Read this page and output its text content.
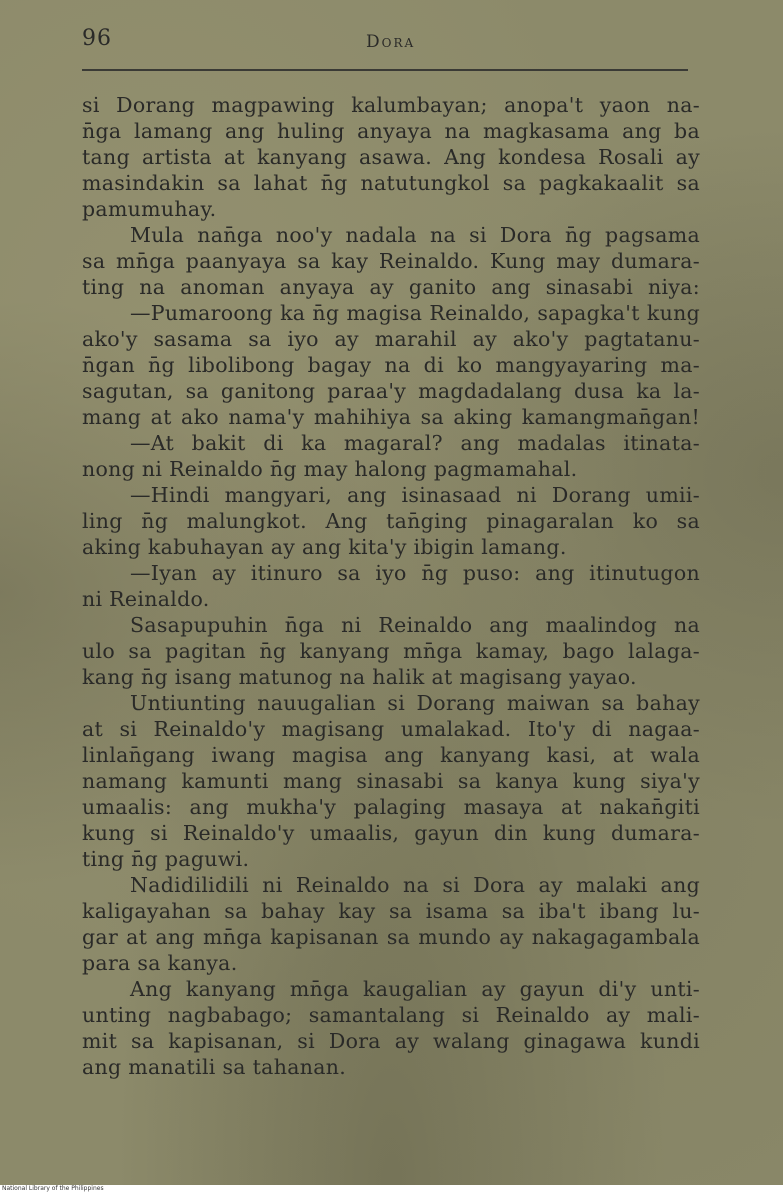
96	Dora
si Dorang magpawing kalumbayan; anopa't yaon na-
n̄ga lamang ang huling anyaya na magkasama ang ba
tang artista at kanyang asawa. Ang kondesa Rosali ay
masindakin sa lahat n̄g natutungkol sa pagkakaalit sa
pamumuhay.
Mula nan̄ga noo'y nadala na si Dora n̄g pagsama
sa mn̄ga paanyaya sa kay Reinaldo. Kung may dumara-
ting na anoman anyaya ay ganito ang sinasabi niya:
—Pumaroong ka n̄g magisa Reinaldo, sapagka't kung
ako'y sasama sa iyo ay marahil ay ako'y pagtatanu-
n̄gan n̄g libolibong bagay na di ko mangyayaring ma-
sagutan, sa ganitong paraa'y magdadalang dusa ka la-
mang at ako nama'y mahihiya sa aking kamangman̄gan!
—At bakit di ka magaral? ang madalas itinata-
nong ni Reinaldo n̄g may halong pagmamahal.
—Hindi mangyari, ang isinasaad ni Dorang umii-
ling n̄g malungkot. Ang tan̄ging pinagaralan ko sa
aking kabuhayan ay ang kita'y ibigin lamang.
—Iyan ay itinuro sa iyo n̄g puso: ang itinutugon
ni Reinaldo.
Sasapupuhin n̄ga ni Reinaldo ang maalindog na
ulo sa pagitan n̄g kanyang mn̄ga kamay, bago lalaga-
kang n̄g isang matunog na halik at magisang yayao.
Untiunting nauugalian si Dorang maiwan sa bahay
at si Reinaldo'y magisang umalakad. Ito'y di nagaa-
linlan̄gang iwang magisa ang kanyang kasi, at wala
namang kamunti mang sinasabi sa kanya kung siya'y
umaalis: ang mukha'y palaging masaya at nakan̄giti
kung si Reinaldo'y umaalis, gayun din kung dumara-
ting n̄g paguwi.
Nadidilidili ni Reinaldo na si Dora ay malaki ang
kaligayahan sa bahay kay sa isama sa iba't ibang lu-
gar at ang mn̄ga kapisanan sa mundo ay nakagagambala
para sa kanya.
Ang kanyang mn̄ga kaugalian ay gayun di'y unti-
unting nagbabago; samantalang si Reinaldo ay mali-
mit sa kapisanan, si Dora ay walang ginagawa kundi
ang manatili sa tahanan.
National Library of the Philippines
